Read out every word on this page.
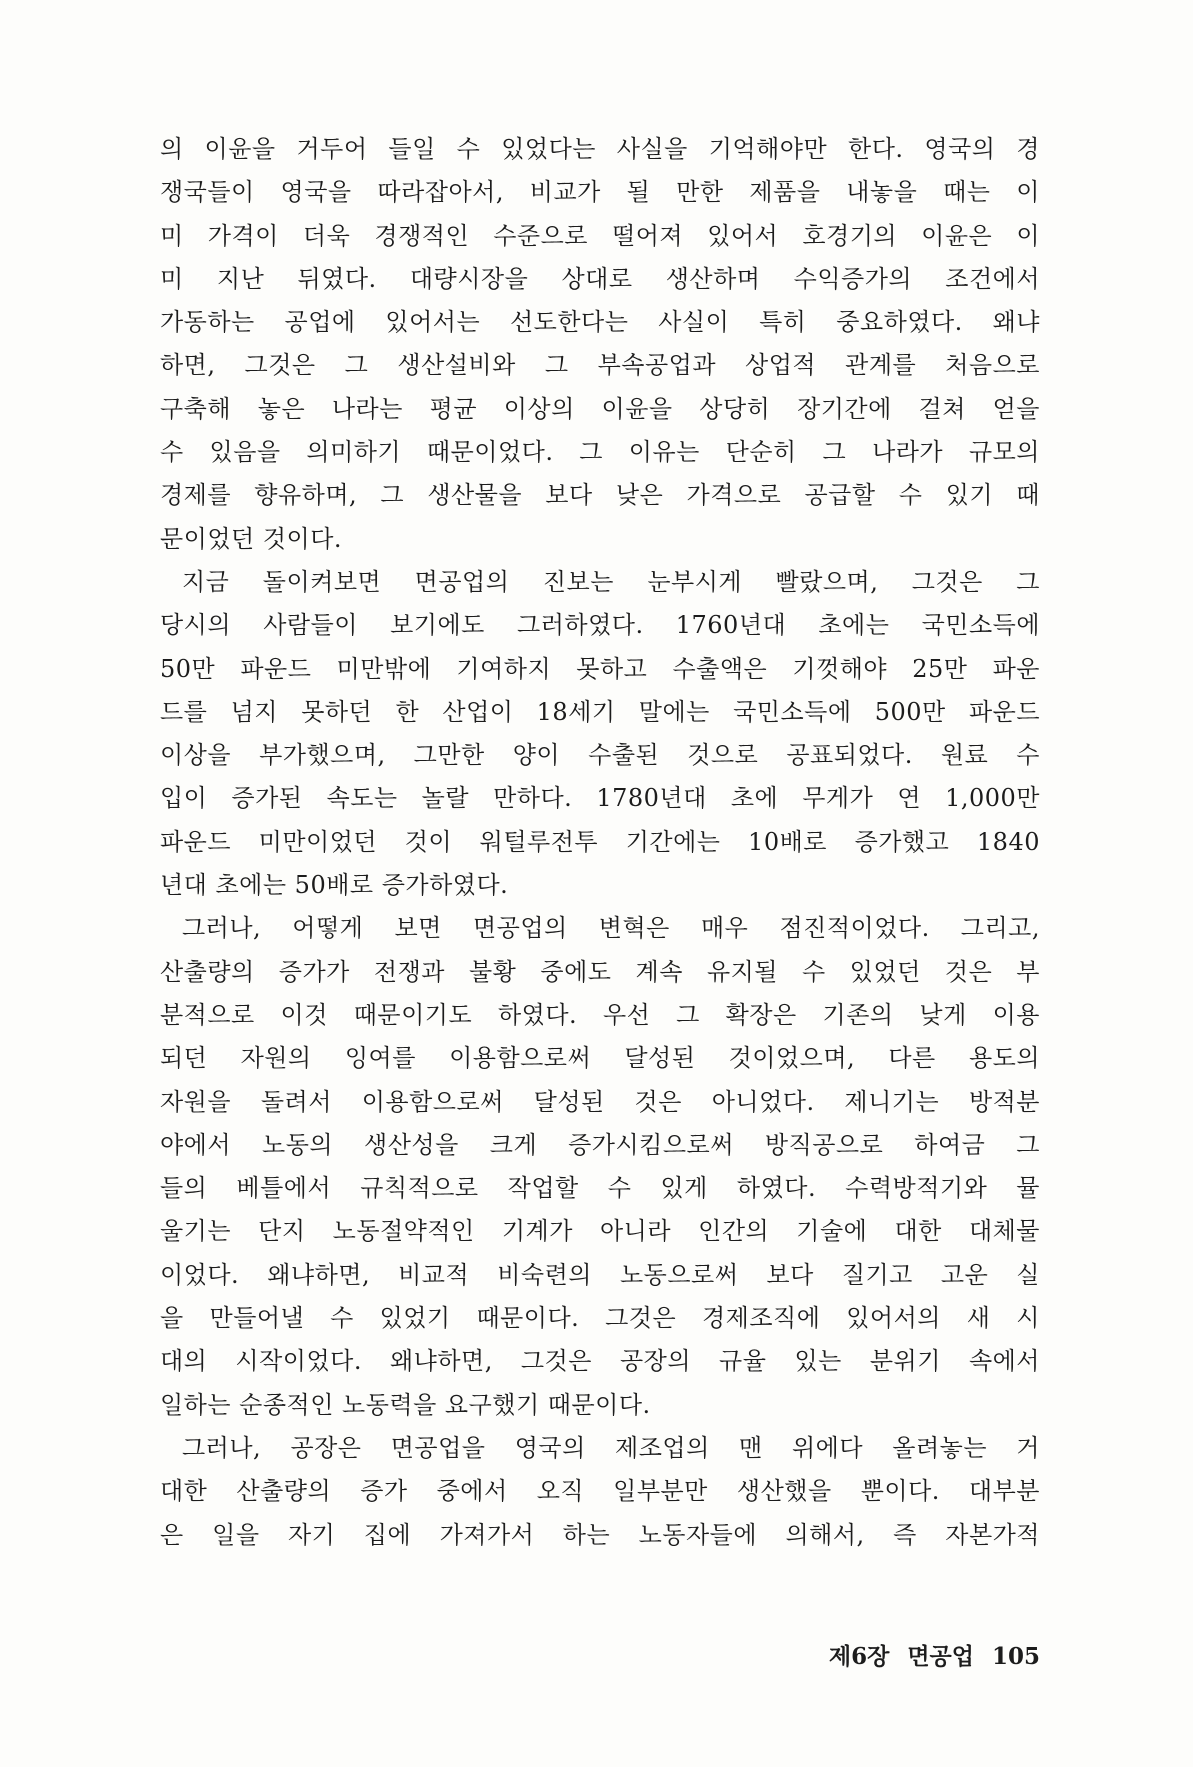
의 이윤을 거두어 들일 수 있었다는 사실을 기억해야만 한다. 영국의 경
쟁국들이 영국을 따라잡아서, 비교가 될 만한 제품을 내놓을 때는 이
미 가격이 더욱 경쟁적인 수준으로 떨어져 있어서 호경기의 이윤은 이
미 지난 뒤였다. 대량시장을 상대로 생산하며 수익증가의 조건에서
가동하는 공업에 있어서는 선도한다는 사실이 특히 중요하였다. 왜냐
하면, 그것은 그 생산설비와 그 부속공업과 상업적 관계를 처음으로
구축해 놓은 나라는 평균 이상의 이윤을 상당히 장기간에 걸쳐 얻을
수 있음을 의미하기 때문이었다. 그 이유는 단순히 그 나라가 규모의
경제를 향유하며, 그 생산물을 보다 낮은 가격으로 공급할 수 있기 때
문이었던 것이다.
지금 돌이켜보면 면공업의 진보는 눈부시게 빨랐으며, 그것은 그
당시의 사람들이 보기에도 그러하였다. 1760년대 초에는 국민소득에
50만 파운드 미만밖에 기여하지 못하고 수출액은 기껏해야 25만 파운
드를 넘지 못하던 한 산업이 18세기 말에는 국민소득에 500만 파운드
이상을 부가했으며, 그만한 양이 수출된 것으로 공표되었다. 원료 수
입이 증가된 속도는 놀랄 만하다. 1780년대 초에 무게가 연 1,000만
파운드 미만이었던 것이 워털루전투 기간에는 10배로 증가했고 1840
년대 초에는 50배로 증가하였다.
그러나, 어떻게 보면 면공업의 변혁은 매우 점진적이었다. 그리고,
산출량의 증가가 전쟁과 불황 중에도 계속 유지될 수 있었던 것은 부
분적으로 이것 때문이기도 하였다. 우선 그 확장은 기존의 낮게 이용
되던 자원의 잉여를 이용함으로써 달성된 것이었으며, 다른 용도의
자원을 돌려서 이용함으로써 달성된 것은 아니었다. 제니기는 방적분
야에서 노동의 생산성을 크게 증가시킴으로써 방직공으로 하여금 그
들의 베틀에서 규칙적으로 작업할 수 있게 하였다. 수력방적기와 뮬
울기는 단지 노동절약적인 기계가 아니라 인간의 기술에 대한 대체물
이었다. 왜냐하면, 비교적 비숙련의 노동으로써 보다 질기고 고운 실
을 만들어낼 수 있었기 때문이다. 그것은 경제조직에 있어서의 새 시
대의 시작이었다. 왜냐하면, 그것은 공장의 규율 있는 분위기 속에서
일하는 순종적인 노동력을 요구했기 때문이다.
그러나, 공장은 면공업을 영국의 제조업의 맨 위에다 올려놓는 거
대한 산출량의 증가 중에서 오직 일부분만 생산했을 뿐이다. 대부분
은 일을 자기 집에 가져가서 하는 노동자들에 의해서, 즉 자본가적
제6장 면공업 105
